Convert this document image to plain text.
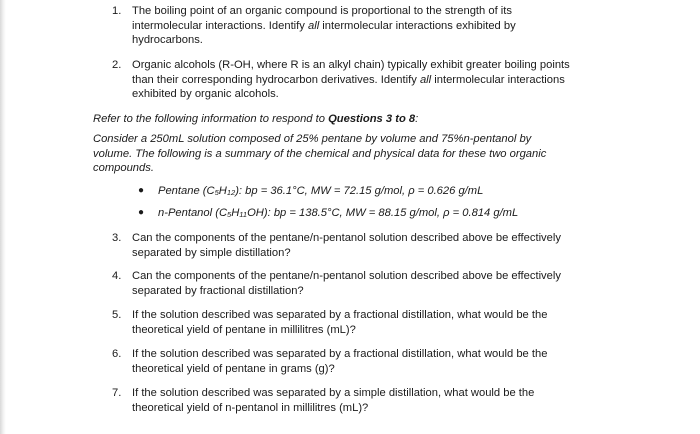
1. The boiling point of an organic compound is proportional to the strength of its
intermolecular interactions. Identify all intermolecular interactions exhibited by
hydrocarbons.
2. Organic alcohols (R-OH, where R is an alkyl chain) typically exhibit greater boiling points
than their corresponding hydrocarbon derivatives. Identify all intermolecular interactions
exhibited by organic alcohols.
Refer to the following information to respond to Questions 3 to 8:
Consider a 250mL solution composed of 25% pentane by volume and 75%n-pentanol by
volume. The following is a summary of the chemical and physical data for these two organic
compounds.
● Pentane $(C_5H_{12})$: bp = 36.1°C, MW = 72.15 g/mol, ρ = 0.626 g/mL
● n-Pentanol $(C_5H_{11}OH)$: bp = 138.5°C, MW = 88.15 g/mol, ρ = 0.814 g/mL
3. Can the components of the pentane/n-pentanol solution described above be effectively
separated by simple distillation?
4. Can the components of the pentane/n-pentanol solution described above be effectively
separated by fractional distillation?
5. If the solution described was separated by a fractional distillation, what would be the
theoretical yield of pentane in millilitres (mL)?
6. If the solution described was separated by a fractional distillation, what would be the
theoretical yield of pentane in grams (g)?
7. If the solution described was separated by a simple distillation, what would be the
theoretical yield of n-pentanol in millilitres (mL)?
